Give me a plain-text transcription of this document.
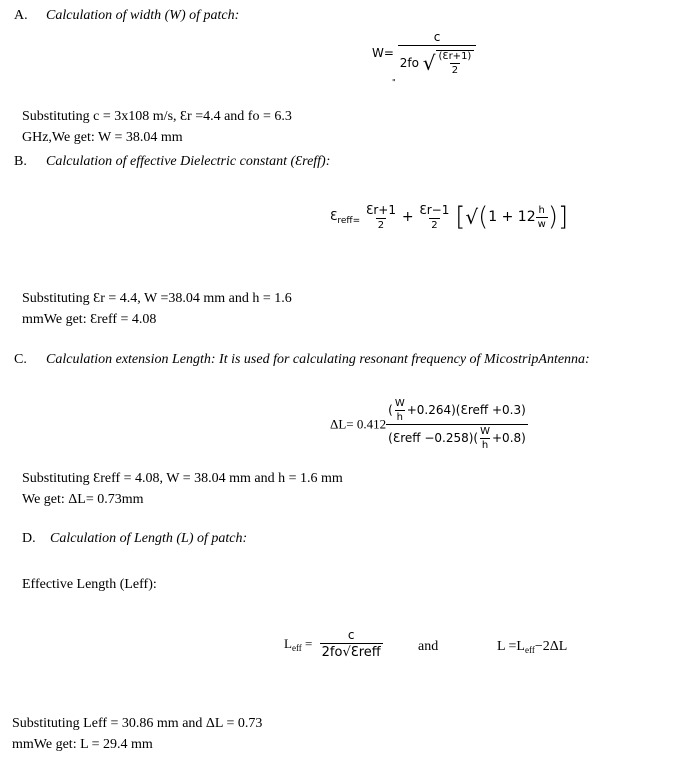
A. Calculation of width (W) of patch:
$W= \frac{c}{2fo √ \frac{(Ɛr+1)}{2}}$
"
Substituting c = 3x108 m/s, Ɛr =4.4 and fo = 6.3
GHz,We get: W = 38.04 mm
B. Calculation of effective Dielectric constant (Ɛreff):
$Ɛ_{reff=} \frac{Ɛr+1}{2} + \frac{Ɛr-1}{2} [√(1 + 12 \frac{h}{w}$ )]
Substituting Ɛr = 4.4, W =38.04 mm and h = 1.6
mmWe get: Ɛreff = 4.08
C. Calculation extension Length: It is used for calculating resonant frequency of MicostripAntenna:
$\Delta L= 0.412 \frac{( \frac{W}{h} +0.264)(Ɛreff +0.3)}{(Ɛreff -0.258)( \frac{W}{h} +0.8)}$
Substituting Ɛreff = 4.08, W = 38.04 mm and h = 1.6 mm
We get: ΔL= 0.73mm
D. Calculation of Length (L) of patch:
Effective Length (Leff):
$L_{eff} = \frac{c}{\text{2fo√Ɛreff}}$ and	$L =L_{eff}-2\Delta L$
Substituting Leff = 30.86 mm and ΔL = 0.73
mmWe get: L = 29.4 mm
